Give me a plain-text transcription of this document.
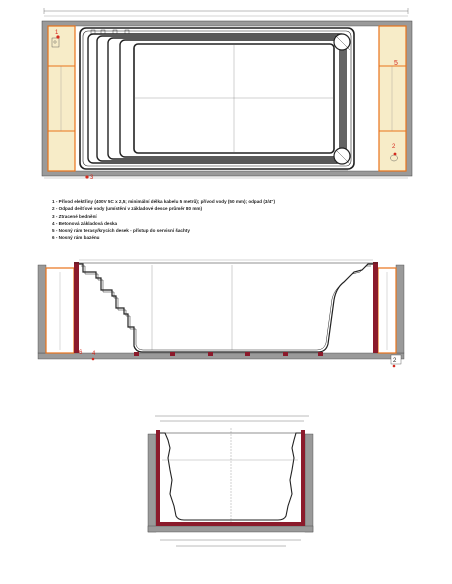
1
3
5
2
6 4
2
1 - Přívod elektřiny (400V 5C x 2,5; minimální délka kabelu 5 metrů); přívod vody (50 mm); odpad (3/4")
2 - Odpad dešťové vody (umístění v základové desce průměr 80 mm)
3 - Ztracené bednění
4 - Betonová základová deska
5 - Nosný rám terasy/krycích desek - přístup do servisní šachty
6 - Nosný rám bazénu
